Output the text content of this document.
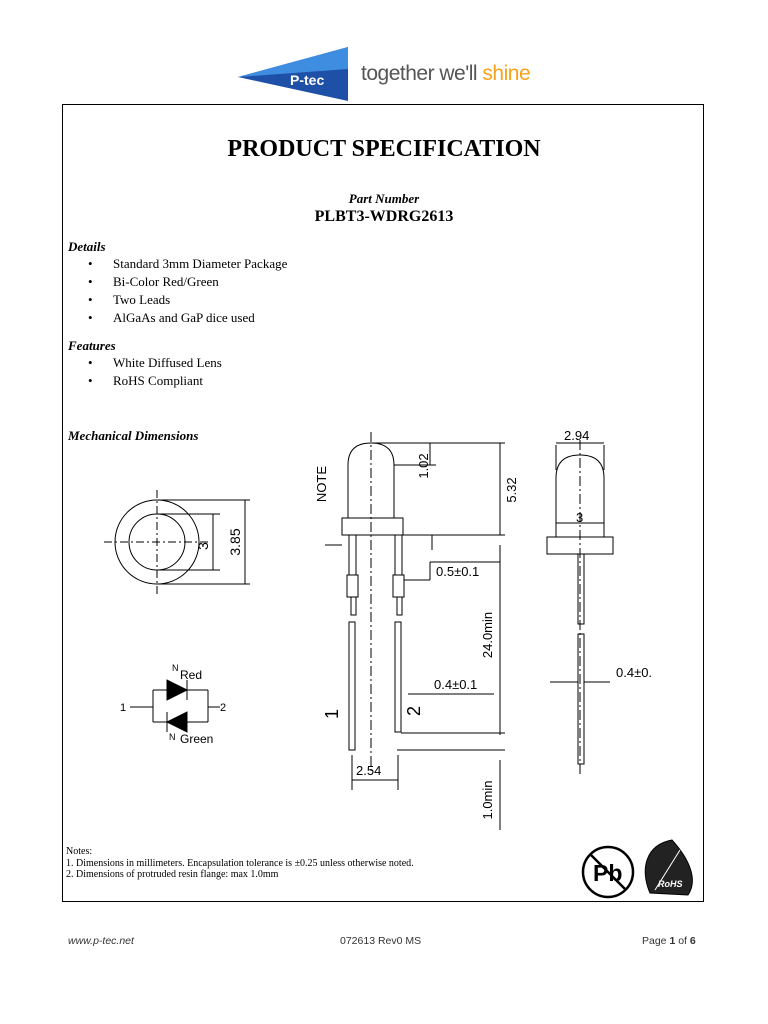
P-tec together we'll shine
PRODUCT SPECIFICATION
Part Number
PLBT3-WDRG2613
Details
• Standard 3mm Diameter Package
• Bi-Color Red/Green
• Two Leads
• AlGaAs and GaP dice used
Features
• White Diffused Lens
• RoHS Compliant
Mechanical Dimensions
3 3.85
NOTE	1.02
5.32
0.5±0.1
24.0min
0.4±0.1
1	2
2.54
1.0min
2.94
3
0.4±0.
Red
Green
N
N
1	2
Pb	RoHS
Notes:
1. Dimensions in millimeters. Encapsulation tolerance is ±0.25 unless otherwise noted.
2. Dimensions of protruded resin flange: max 1.0mm
www.p-tec.net	072613 Rev0 MS	Page 1 of 6
